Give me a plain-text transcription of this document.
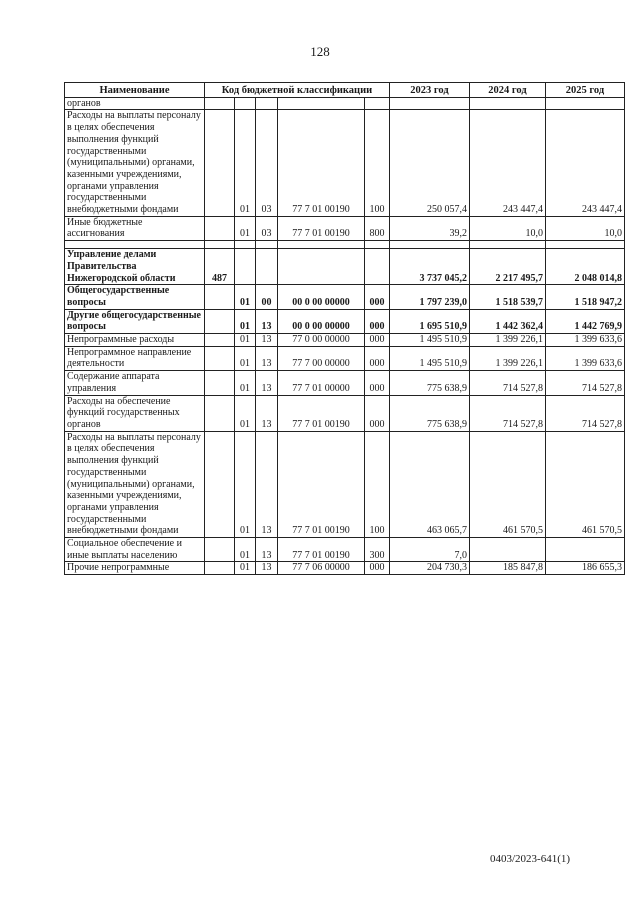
128
Наименование	Код бюджетной классификации					2023 год	2024 год	2025 год
органов								
Расходы на выплаты персоналу в целях обеспечения выполнения функций государственными (муниципальными) органами, казенными учреждениями, органами управления государственными внебюджетными фондами		01	03	77 7 01 00190	100	250 057,4	243 447,4	243 447,4
Иные бюджетные ассигнования		01	03	77 7 01 00190	800	39,2	10,0	10,0

Управление делами Правительства Нижегородской области	487					3 737 045,2	2 217 495,7	2 048 014,8
Общегосударственные вопросы		01	00	00 0 00 00000	000	1 797 239,0	1 518 539,7	1 518 947,2
Другие общегосударственные вопросы		01	13	00 0 00 00000	000	1 695 510,9	1 442 362,4	1 442 769,9
Непрограммные расходы		01	13	77 0 00 00000	000	1 495 510,9	1 399 226,1	1 399 633,6
Непрограммное направление деятельности		01	13	77 7 00 00000	000	1 495 510,9	1 399 226,1	1 399 633,6
Содержание аппарата управления		01	13	77 7 01 00000	000	775 638,9	714 527,8	714 527,8
Расходы на обеспечение функций государственных органов		01	13	77 7 01 00190	000	775 638,9	714 527,8	714 527,8
Расходы на выплаты персоналу в целях обеспечения выполнения функций государственными (муниципальными) органами, казенными учреждениями, органами управления государственными внебюджетными фондами		01	13	77 7 01 00190	100	463 065,7	461 570,5	461 570,5
Социальное обеспечение и иные выплаты населению		01	13	77 7 01 00190	300	7,0		
Прочие непрограммные		01	13	77 7 06 00000	000	204 730,3	185 847,8	186 655,3
0403/2023-641(1)
